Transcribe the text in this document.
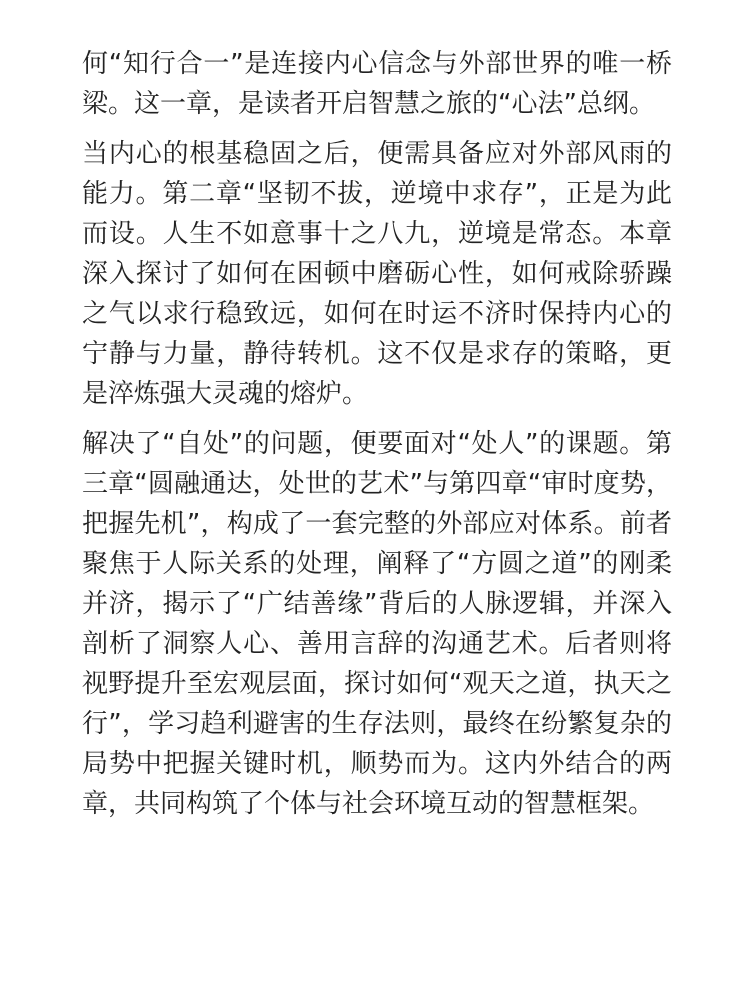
何“知行合一”是连接内心信念与外部世界的唯一桥梁。这一章，是读者开启智慧之旅的“心法”总纲。

当内心的根基稳固之后，便需具备应对外部风雨的能力。第二章“坚韧不拔，逆境中求存”，正是为此而设。人生不如意事十之八九，逆境是常态。本章深入探讨了如何在困顿中磨砺心性，如何戒除骄躁之气以求行稳致远，如何在时运不济时保持内心的宁静与力量，静待转机。这不仅是求存的策略，更是淬炼强大灵魂的熔炉。

解决了“自处”的问题，便要面对“处人”的课题。第三章“圆融通达，处世的艺术”与第四章“审时度势，把握先机”，构成了一套完整的外部应对体系。前者聚焦于人际关系的处理，阐释了“方圆之道”的刚柔并济，揭示了“广结善缘”背后的人脉逻辑，并深入剖析了洞察人心、善用言辞的沟通艺术。后者则将视野提升至宏观层面，探讨如何“观天之道，执天之行”，学习趋利避害的生存法则，最终在纷繁复杂的局势中把握关键时机，顺势而为。这内外结合的两章，共同构筑了个体与社会环境互动的智慧框架。
